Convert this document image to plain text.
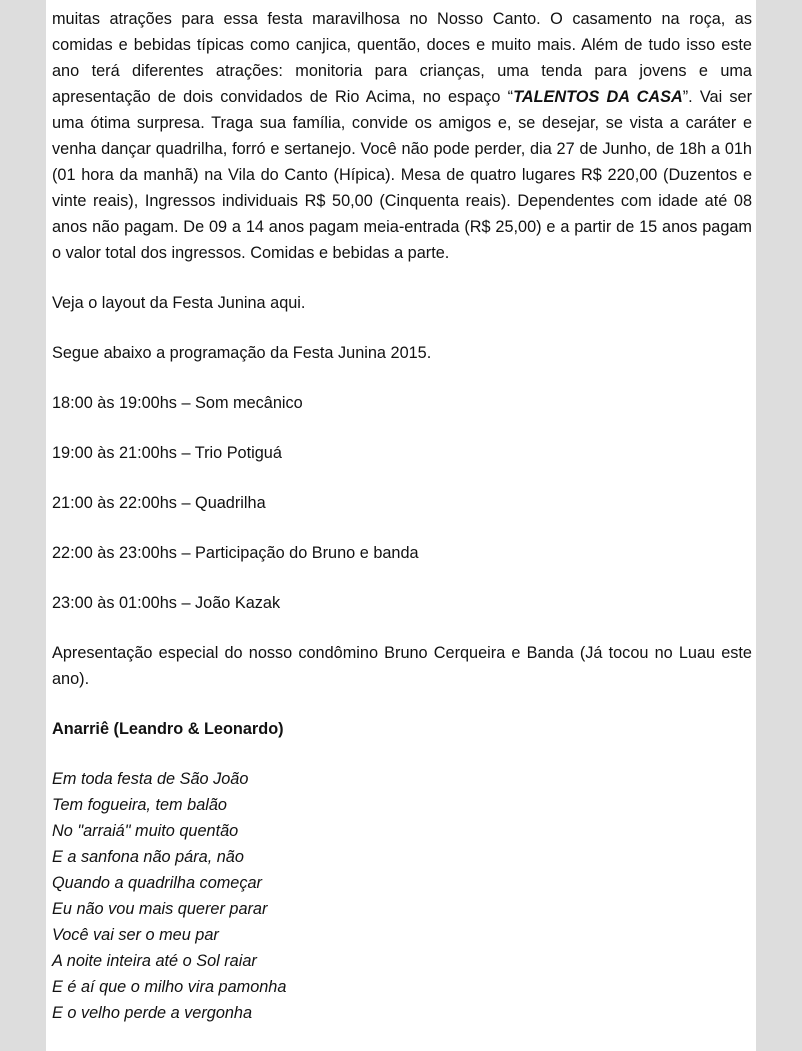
muitas atrações para essa festa maravilhosa no Nosso Canto. O casamento na roça, as comidas e bebidas típicas como canjica, quentão, doces e muito mais. Além de tudo isso este ano terá diferentes atrações: monitoria para crianças, uma tenda para jovens e uma apresentação de dois convidados de Rio Acima, no espaço “TALENTOS DA CASA”. Vai ser uma ótima surpresa. Traga sua família, convide os amigos e, se desejar, se vista a caráter e venha dançar quadrilha, forró e sertanejo. Você não pode perder, dia 27 de Junho, de 18h a 01h (01 hora da manhã) na Vila do Canto (Hípica). Mesa de quatro lugares R$ 220,00 (Duzentos e vinte reais), Ingressos individuais R$ 50,00 (Cinquenta reais). Dependentes com idade até 08 anos não pagam. De 09 a 14 anos pagam meia-entrada (R$ 25,00) e a partir de 15 anos pagam o valor total dos ingressos. Comidas e bebidas a parte.

Veja o layout da Festa Junina aqui.

Segue abaixo a programação da Festa Junina 2015.

18:00 às 19:00hs – Som mecânico

19:00 às 21:00hs – Trio Potiguá

21:00 às 22:00hs – Quadrilha

22:00 às 23:00hs – Participação do Bruno e banda

23:00 às 01:00hs – João Kazak

Apresentação especial do nosso condômino Bruno Cerqueira e Banda (Já tocou no Luau este ano).

Anarriê (Leandro & Leonardo)

Em toda festa de São João
Tem fogueira, tem balão
No "arraiá" muito quentão
E a sanfona não pára, não
Quando a quadrilha começar
Eu não vou mais querer parar
Você vai ser o meu par
A noite inteira até o Sol raiar
E é aí que o milho vira pamonha
E o velho perde a vergonha
